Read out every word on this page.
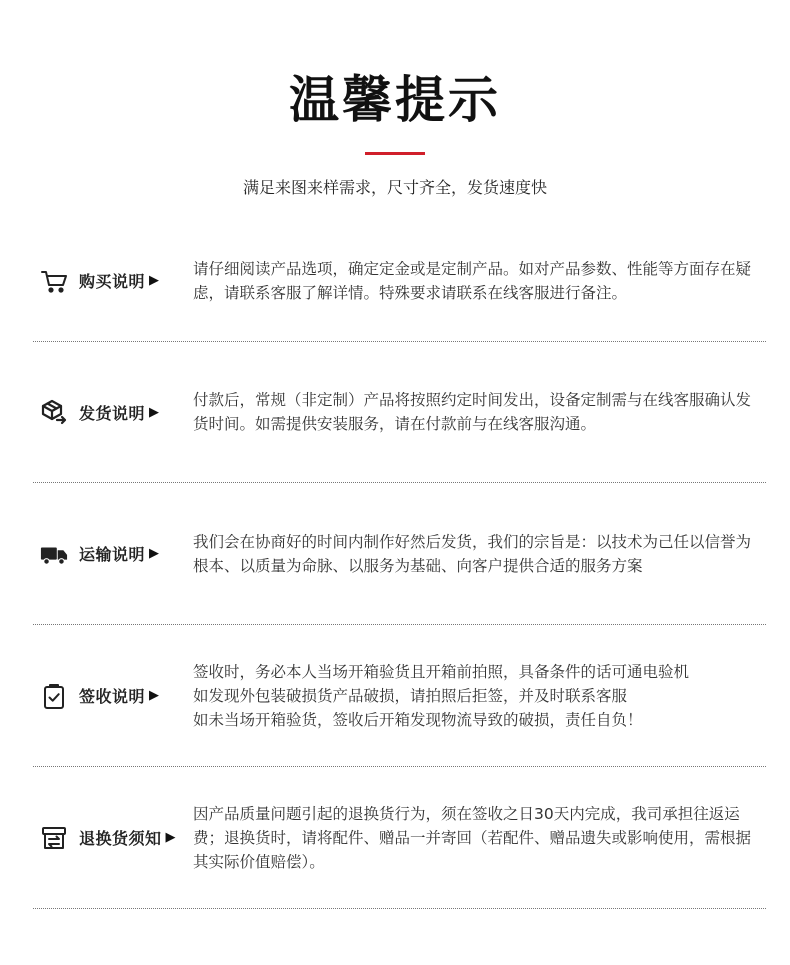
温馨提示
满足来图来样需求，尺寸齐全，发货速度快
购买说明 ▶

请仔细阅读产品选项，确定定金或是定制产品。如对产品参数、性能等方面存在疑虑，请联系客服了解详情。特殊要求请联系在线客服进行备注。

发货说明 ▶

付款后，常规（非定制）产品将按照约定时间发出，设备定制需与在线客服确认发货时间。如需提供安装服务，请在付款前与在线客服沟通。

运输说明 ▶

我们会在协商好的时间内制作好然后发货，我们的宗旨是：以技术为己任以信誉为根本、以质量为命脉、以服务为基础、向客户提供合适的服务方案

签收说明 ▶

签收时，务必本人当场开箱验货且开箱前拍照，具备条件的话可通电验机

如发现外包装破损货产品破损，请拍照后拒签，并及时联系客服

如未当场开箱验货，签收后开箱发现物流导致的破损，责任自负！

退换货须知 ▶

因产品质量问题引起的退换货行为，须在签收之日30天内完成，我司承担往返运费；退换货时，请将配件、赠品一并寄回（若配件、赠品遗失或影响使用，需根据其实际价值赔偿）。
